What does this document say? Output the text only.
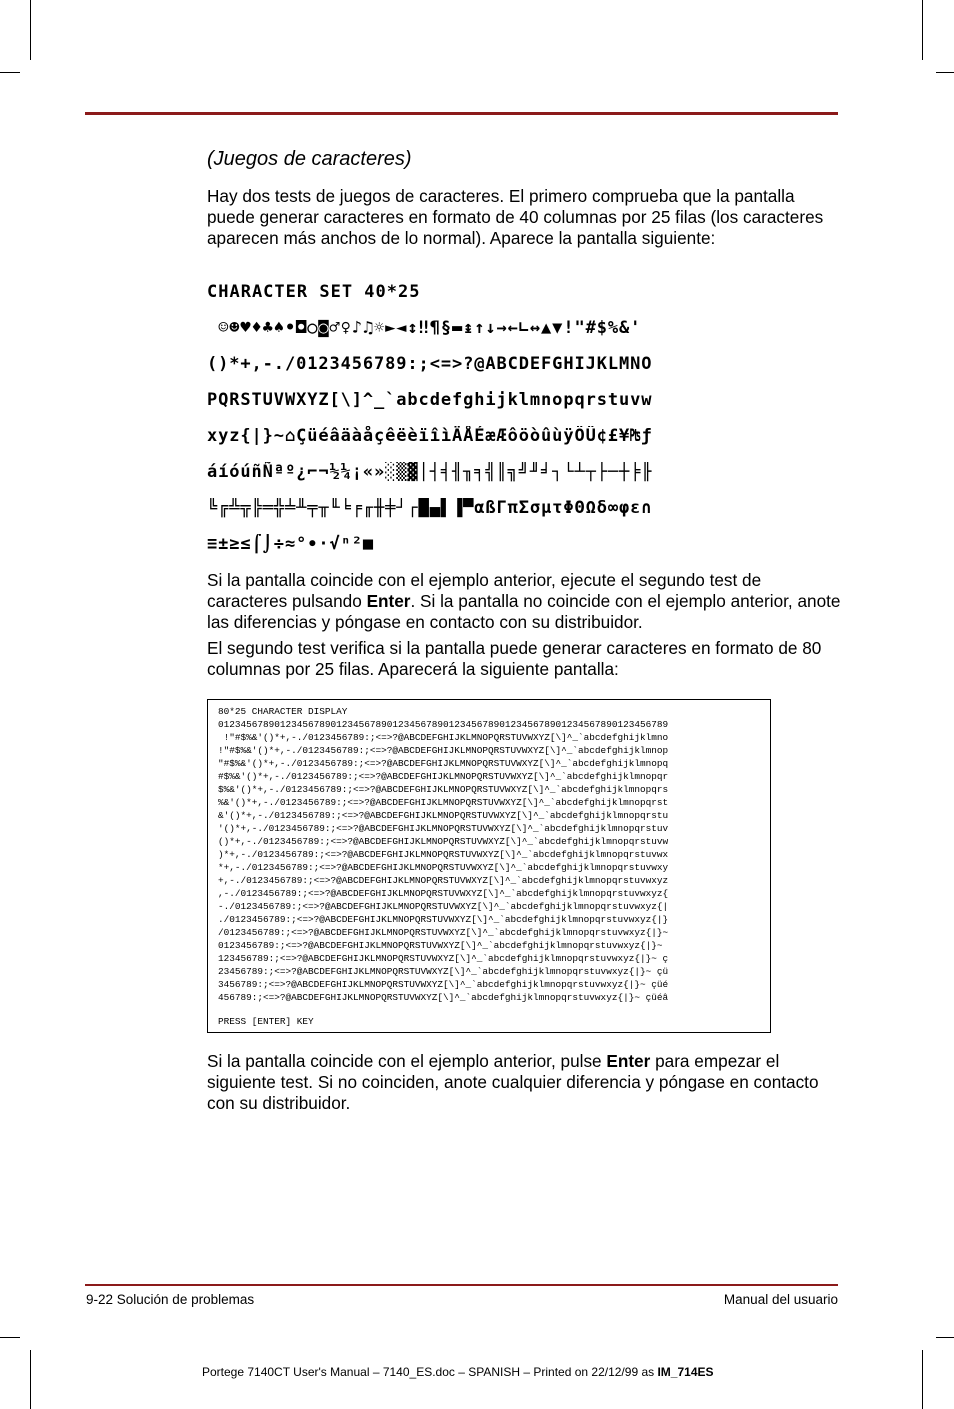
(Juegos de caracteres)

Hay dos tests de juegos de caracteres. El primero comprueba que la pantalla puede generar caracteres en formato de 40 columnas por 25 filas (los caracteres aparecen más anchos de lo normal). Aparece la pantalla siguiente:

CHARACTER SET 40*25
☺☻♥♦♣♠•◘○◙♂♀♪♫☼►◄↕‼¶§▬↨↑↓→←∟↔▲▼!"#$%&'
()*+,-./0123456789:;<=>?@ABCDEFGHIJKLMNO
PQRSTUVWXYZ[\]^_`abcdefghijklmnopqrstuvw
xyz{|}~⌂ÇüéâäàåçêëèïîìÄÅÉæÆôöòûùÿÖÜ¢£¥₧ƒ
áíóúñÑªº¿⌐¬½¼¡«»░▒▓│┤╡╢╖╕╣║╗╝╜╛┐└┴┬├─┼╞╟
╚╔╩╦╠═╬╧╨╤╥╙╘╒╓╫╪┘┌█▄▌▐▀αßΓπΣσµτΦΘΩδ∞φε∩
≡±≥≤⌠⌡÷≈°∙·√ⁿ²■

Si la pantalla coincide con el ejemplo anterior, ejecute el segundo test de caracteres pulsando Enter. Si la pantalla no coincide con el ejemplo anterior, anote las diferencias y póngase en contacto con su distribuidor.

El segundo test verifica si la pantalla puede generar caracteres en formato de 80 columnas por 25 filas. Aparecerá la siguiente pantalla:

80*25 CHARACTER DISPLAY
01234567890123456789012345678901234567890123456789012345678901234567890123456789
!"#$%&'()*+,-./0123456789:;<=>?@ABCDEFGHIJKLMNOPQRSTUVWXYZ[\]^_`abcdefghijklmno
!"#$%&'()*+,-./0123456789:;<=>?@ABCDEFGHIJKLMNOPQRSTUVWXYZ[\]^_`abcdefghijklmnop
"#$%&'()*+,-./0123456789:;<=>?@ABCDEFGHIJKLMNOPQRSTUVWXYZ[\]^_`abcdefghijklmnopq
#$%&'()*+,-./0123456789:;<=>?@ABCDEFGHIJKLMNOPQRSTUVWXYZ[\]^_`abcdefghijklmnopqr
$%&'()*+,-./0123456789:;<=>?@ABCDEFGHIJKLMNOPQRSTUVWXYZ[\]^_`abcdefghijklmnopqrs
%&'()*+,-./0123456789:;<=>?@ABCDEFGHIJKLMNOPQRSTUVWXYZ[\]^_`abcdefghijklmnopqrst
&'()*+,-./0123456789:;<=>?@ABCDEFGHIJKLMNOPQRSTUVWXYZ[\]^_`abcdefghijklmnopqrstu
'()*+,-./0123456789:;<=>?@ABCDEFGHIJKLMNOPQRSTUVWXYZ[\]^_`abcdefghijklmnopqrstuv
()*+,-./0123456789:;<=>?@ABCDEFGHIJKLMNOPQRSTUVWXYZ[\]^_`abcdefghijklmnopqrstuvw
)*+,-./0123456789:;<=>?@ABCDEFGHIJKLMNOPQRSTUVWXYZ[\]^_`abcdefghijklmnopqrstuvwx
*+,-./0123456789:;<=>?@ABCDEFGHIJKLMNOPQRSTUVWXYZ[\]^_`abcdefghijklmnopqrstuvwxy
+,-./0123456789:;<=>?@ABCDEFGHIJKLMNOPQRSTUVWXYZ[\]^_`abcdefghijklmnopqrstuvwxyz
,-./0123456789:;<=>?@ABCDEFGHIJKLMNOPQRSTUVWXYZ[\]^_`abcdefghijklmnopqrstuvwxyz{
-./0123456789:;<=>?@ABCDEFGHIJKLMNOPQRSTUVWXYZ[\]^_`abcdefghijklmnopqrstuvwxyz{|
./0123456789:;<=>?@ABCDEFGHIJKLMNOPQRSTUVWXYZ[\]^_`abcdefghijklmnopqrstuvwxyz{|}
/0123456789:;<=>?@ABCDEFGHIJKLMNOPQRSTUVWXYZ[\]^_`abcdefghijklmnopqrstuvwxyz{|}~
0123456789:;<=>?@ABCDEFGHIJKLMNOPQRSTUVWXYZ[\]^_`abcdefghijklmnopqrstuvwxyz{|}~
123456789:;<=>?@ABCDEFGHIJKLMNOPQRSTUVWXYZ[\]^_`abcdefghijklmnopqrstuvwxyz{|}~ ç
23456789:;<=>?@ABCDEFGHIJKLMNOPQRSTUVWXYZ[\]^_`abcdefghijklmnopqrstuvwxyz{|}~ çü
3456789:;<=>?@ABCDEFGHIJKLMNOPQRSTUVWXYZ[\]^_`abcdefghijklmnopqrstuvwxyz{|}~ çüé
456789:;<=>?@ABCDEFGHIJKLMNOPQRSTUVWXYZ[\]^_`abcdefghijklmnopqrstuvwxyz{|}~ çüéâ
PRESS [ENTER] KEY

Si la pantalla coincide con el ejemplo anterior, pulse Enter para empezar el siguiente test. Si no coinciden, anote cualquier diferencia y póngase en contacto con su distribuidor.

9-22 Solución de problemas	Manual del usuario
Portege 7140CT User's Manual – 7140_ES.doc – SPANISH – Printed on 22/12/99 as IM_714ES
